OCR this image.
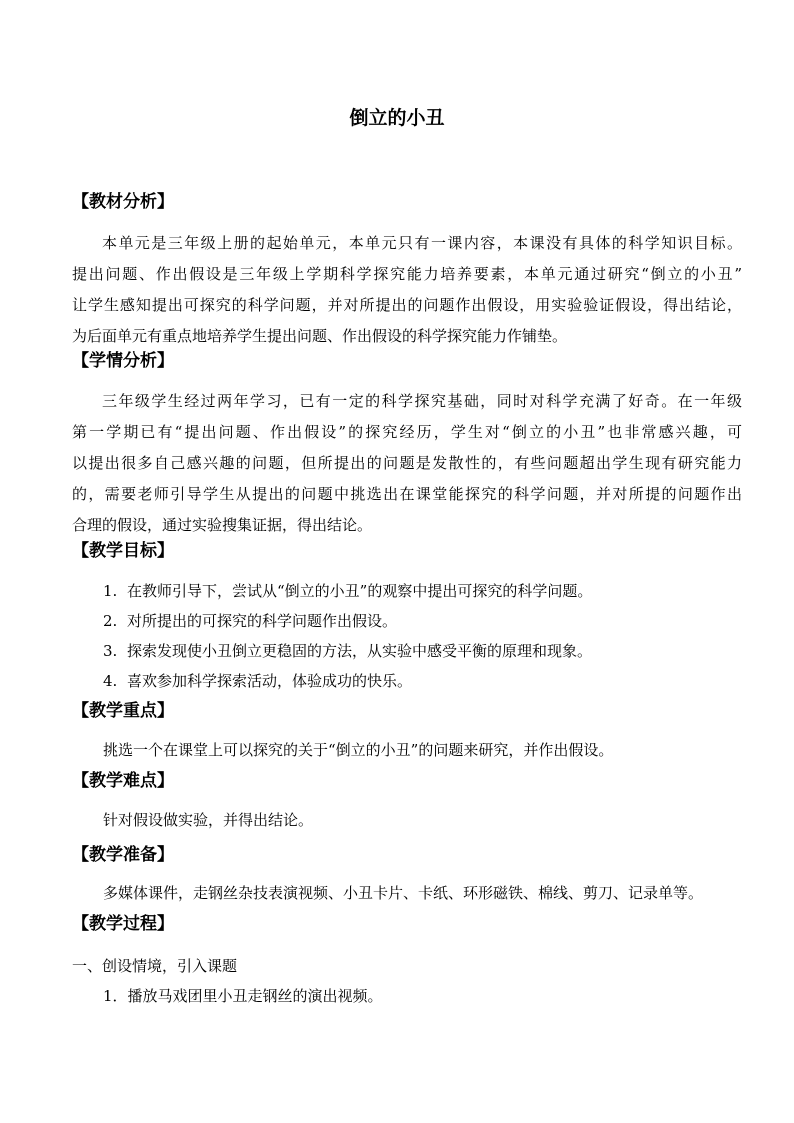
倒立的小丑
【教材分析】
本单元是三年级上册的起始单元，本单元只有一课内容，本课没有具体的科学知识目标。
提出问题、作出假设是三年级上学期科学探究能力培养要素，本单元通过研究“倒立的小丑”
让学生感知提出可探究的科学问题，并对所提出的问题作出假设，用实验验证假设，得出结论，
为后面单元有重点地培养学生提出问题、作出假设的科学探究能力作铺垫。
【学情分析】
三年级学生经过两年学习，已有一定的科学探究基础，同时对科学充满了好奇。在一年级
第一学期已有“提出问题、作出假设”的探究经历，学生对“倒立的小丑”也非常感兴趣，可
以提出很多自己感兴趣的问题，但所提出的问题是发散性的，有些问题超出学生现有研究能力
的，需要老师引导学生从提出的问题中挑选出在课堂能探究的科学问题，并对所提的问题作出
合理的假设，通过实验搜集证据，得出结论。
【教学目标】
1. 在教师引导下，尝试从“倒立的小丑”的观察中提出可探究的科学问题。
2. 对所提出的可探究的科学问题作出假设。
3. 探索发现使小丑倒立更稳固的方法，从实验中感受平衡的原理和现象。
4. 喜欢参加科学探索活动，体验成功的快乐。
【教学重点】
挑选一个在课堂上可以探究的关于“倒立的小丑”的问题来研究，并作出假设。
【教学难点】
针对假设做实验，并得出结论。
【教学准备】
多媒体课件，走钢丝杂技表演视频、小丑卡片、卡纸、环形磁铁、棉线、剪刀、记录单等。
【教学过程】
一、创设情境，引入课题
1．播放马戏团里小丑走钢丝的演出视频。
